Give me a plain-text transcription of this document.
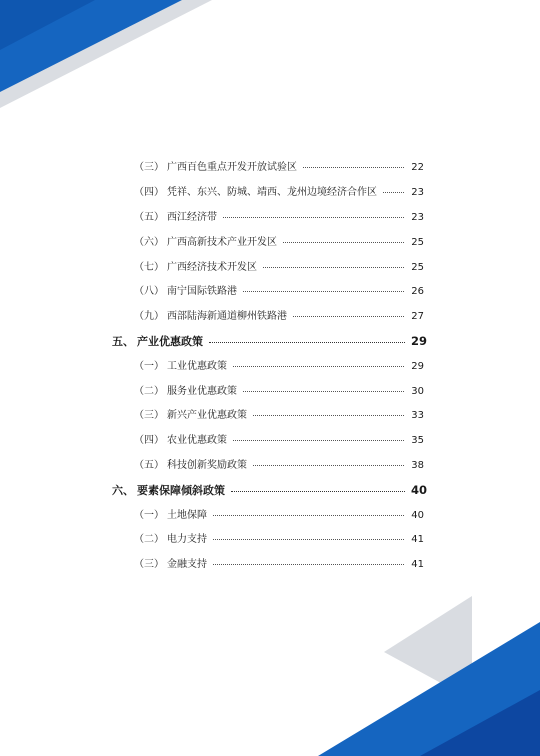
（三） 广西百色重点开发开放试验区	22
（四） 凭祥、东兴、防城、靖西、龙州边境经济合作区	23
（五） 西江经济带	23
（六） 广西高新技术产业开发区	25
（七） 广西经济技术开发区	25
（八） 南宁国际铁路港	26
（九） 西部陆海新通道柳州铁路港	27
五、 产业优惠政策	29
（一） 工业优惠政策	29
（二） 服务业优惠政策	30
（三） 新兴产业优惠政策	33
（四） 农业优惠政策	35
（五） 科技创新奖励政策	38
六、 要素保障倾斜政策	40
（一） 土地保障	40
（二） 电力支持	41
（三） 金融支持	41
